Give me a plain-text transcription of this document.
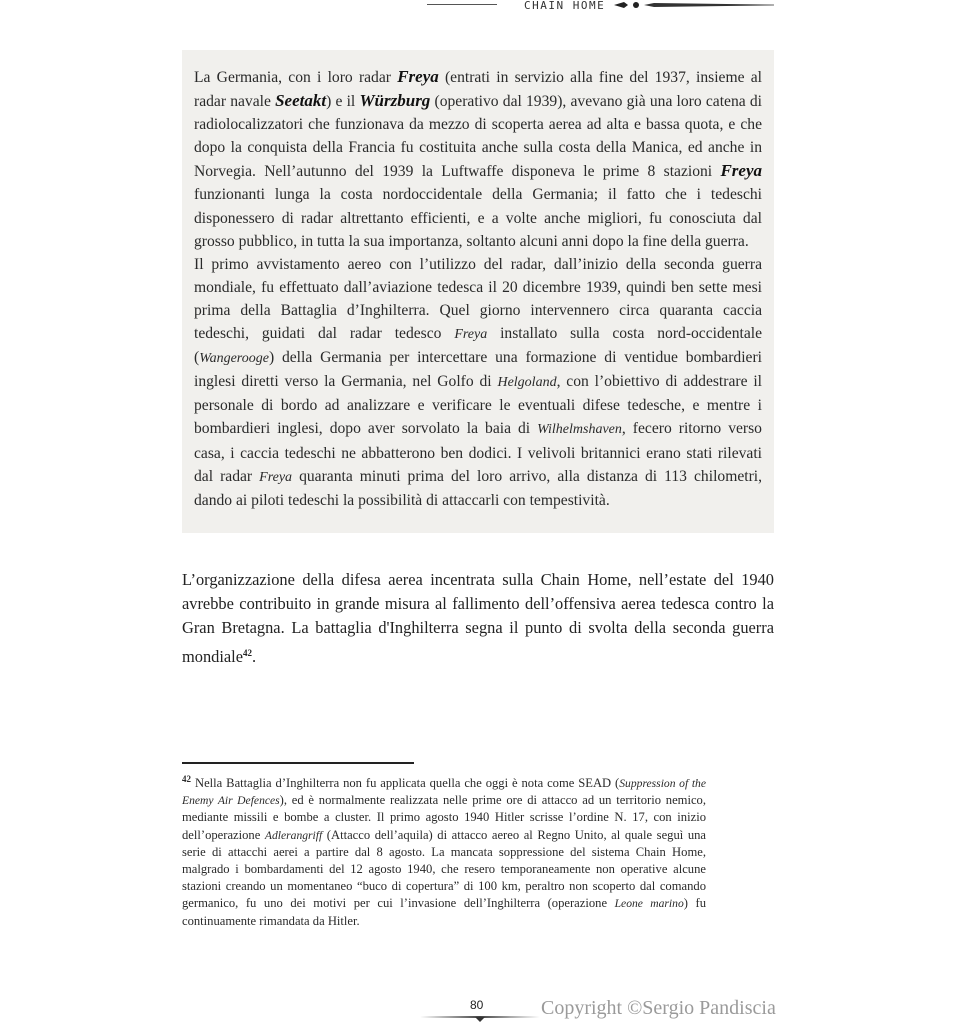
CHAIN HOME

La Germania, con i loro radar Freya (entrati in servizio alla fine del 1937, insieme al radar navale Seetakt) e il Würzburg (operativo dal 1939), avevano già una loro catena di radiolocalizzatori che funzionava da mezzo di scoperta aerea ad alta e bassa quota, e che dopo la conquista della Francia fu costituita anche sulla costa della Manica, ed anche in Norvegia. Nell’autunno del 1939 la Luftwaffe disponeva le prime 8 stazioni Freya funzionanti lunga la costa nordoccidentale della Germania; il fatto che i tedeschi disponessero di radar altrettanto efficienti, e a volte anche migliori, fu conosciuta dal grosso pubblico, in tutta la sua importanza, soltanto alcuni anni dopo la fine della guerra.

Il primo avvistamento aereo con l’utilizzo del radar, dall’inizio della seconda guerra mondiale, fu effettuato dall’aviazione tedesca il 20 dicembre 1939, quindi ben sette mesi prima della Battaglia d’Inghilterra. Quel giorno intervennero circa quaranta caccia tedeschi, guidati dal radar tedesco Freya installato sulla costa nord-occidentale (Wangerooge) della Germania per intercettare una formazione di ventidue bombardieri inglesi diretti verso la Germania, nel Golfo di Helgoland, con l’obiettivo di addestrare il personale di bordo ad analizzare e verificare le eventuali difese tedesche, e mentre i bombardieri inglesi, dopo aver sorvolato la baia di Wilhelmshaven, fecero ritorno verso casa, i caccia tedeschi ne abbatterono ben dodici. I velivoli britannici erano stati rilevati dal radar Freya quaranta minuti prima del loro arrivo, alla distanza di 113 chilometri, dando ai piloti tedeschi la possibilità di attaccarli con tempestività.

L’organizzazione della difesa aerea incentrata sulla Chain Home, nell’estate del 1940 avrebbe contribuito in grande misura al fallimento dell’offensiva aerea tedesca contro la Gran Bretagna. La battaglia d'Inghilterra segna il punto di svolta della seconda guerra mondiale$^{42}$.

$^{42}$ Nella Battaglia d’Inghilterra non fu applicata quella che oggi è nota come SEAD (Suppression of the Enemy Air Defences), ed è normalmente realizzata nelle prime ore di attacco ad un territorio nemico, mediante missili e bombe a cluster. Il primo agosto 1940 Hitler scrisse l’ordine N. 17, con inizio dell’operazione Adlerangriff (Attacco dell’aquila) di attacco aereo al Regno Unito, al quale seguì una serie di attacchi aerei a partire dal 8 agosto. La mancata soppressione del sistema Chain Home, malgrado i bombardamenti del 12 agosto 1940, che resero temporaneamente non operative alcune stazioni creando un momentaneo “buco di copertura” di 100 km, peraltro non scoperto dal comando germanico, fu uno dei motivi per cui l’invasione dell’Inghilterra (operazione Leone marino) fu continuamente rimandata da Hitler.

80	Copyright ©Sergio Pandiscia
